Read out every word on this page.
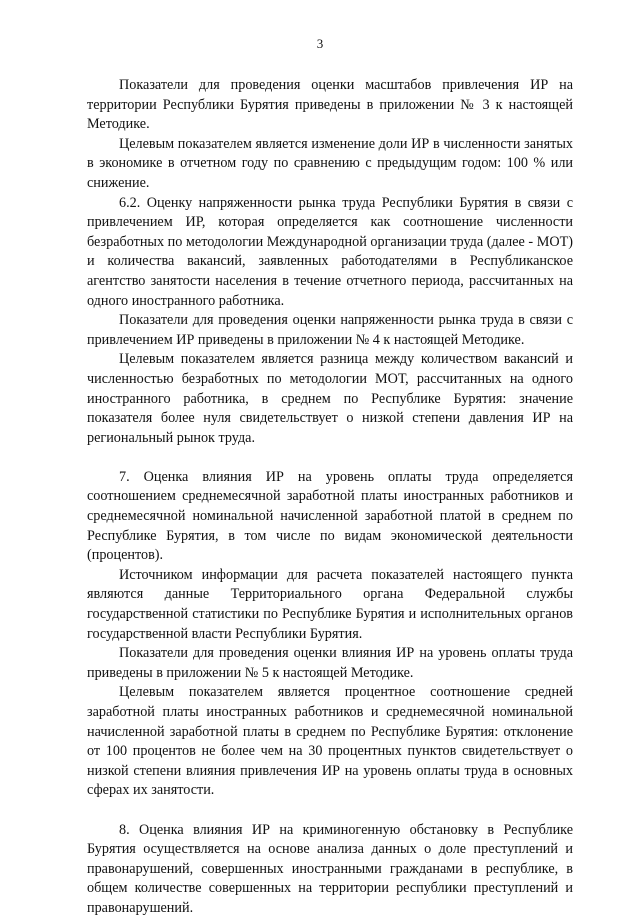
3

Показатели для проведения оценки масштабов привлечения ИР на территории Республики Бурятия приведены в приложении № 3 к настоящей Методике.

Целевым показателем является изменение доли ИР в численности занятых в экономике в отчетном году по сравнению с предыдущим годом: 100 % или снижение.

6.2. Оценку напряженности рынка труда Республики Бурятия в связи с привлечением ИР, которая определяется как соотношение численности безработных по методологии Международной организации труда (далее - МОТ) и количества вакансий, заявленных работодателями в Республиканское агентство занятости населения в течение отчетного периода, рассчитанных на одного иностранного работника.

Показатели для проведения оценки напряженности рынка труда в связи с привлечением ИР приведены в приложении № 4 к настоящей Методике.

Целевым показателем является разница между количеством вакансий и численностью безработных по методологии МОТ, рассчитанных на одного иностранного работника, в среднем по Республике Бурятия: значение показателя более нуля свидетельствует о низкой степени давления ИР на региональный рынок труда.

7. Оценка влияния ИР на уровень оплаты труда определяется соотношением среднемесячной заработной платы иностранных работников и среднемесячной номинальной начисленной заработной платой в среднем по Республике Бурятия, в том числе по видам экономической деятельности (процентов).

Источником информации для расчета показателей настоящего пункта являются данные Территориального органа Федеральной службы государственной статистики по Республике Бурятия и исполнительных органов государственной власти Республики Бурятия.

Показатели для проведения оценки влияния ИР на уровень оплаты труда приведены в приложении № 5 к настоящей Методике.

Целевым показателем является процентное соотношение средней заработной платы иностранных работников и среднемесячной номинальной начисленной заработной платы в среднем по Республике Бурятия: отклонение от 100 процентов не более чем на 30 процентных пунктов свидетельствует о низкой степени влияния привлечения ИР на уровень оплаты труда в основных сферах их занятости.

8. Оценка влияния ИР на криминогенную обстановку в Республике Бурятия осуществляется на основе анализа данных о доле преступлений и правонарушений, совершенных иностранными гражданами в республике, в общем количестве совершенных на территории республики преступлений и правонарушений.
